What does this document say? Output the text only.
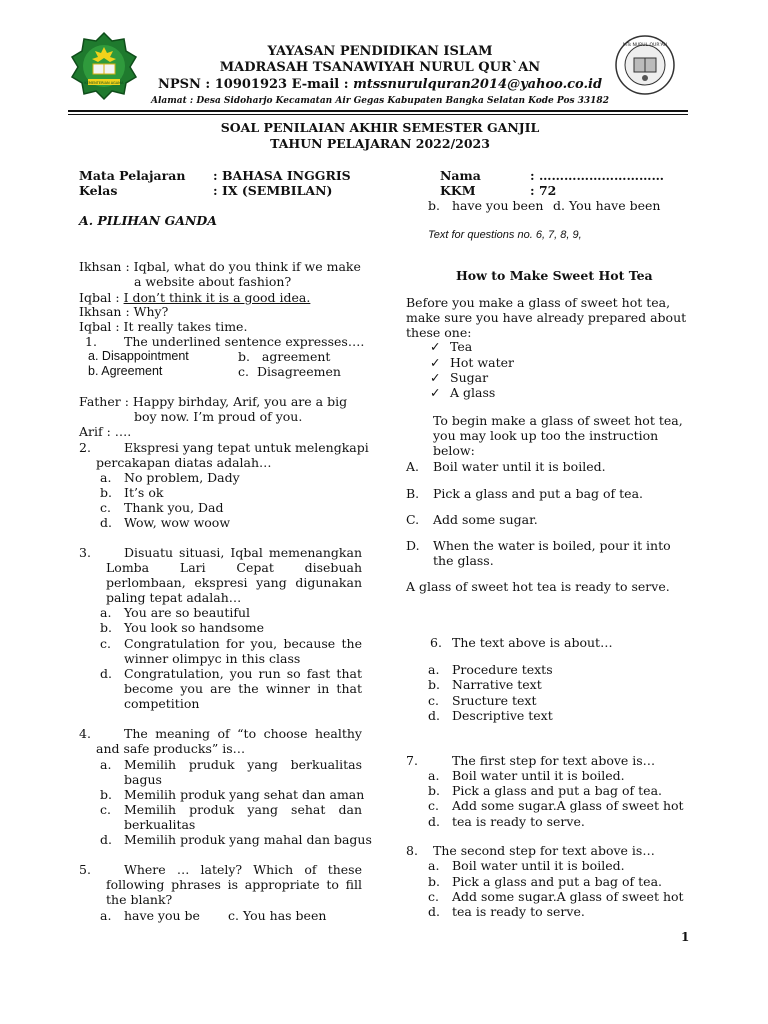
KEMENTERIAN AGAMA
MTs NURUL QUR'AN
YAYASAN PENDIDIKAN ISLAM
MADRASAH TSANAWIYAH NURUL QUR`AN
NPSN : 10901923 E-mail : mtssnurulquran2014@yahoo.co.id
Alamat : Desa Sidoharjo Kecamatan Air Gegas Kabupaten Bangka Selatan Kode Pos 33182
SOAL PENILAIAN AKHIR SEMESTER GANJIL
TAHUN PELAJARAN 2022/2023
Mata Pelajaran : BAHASA INGGRIS
Kelas	: IX (SEMBILAN)
Nama	: …………………………
KKM	: 72
A. PILIHAN GANDA
Ikhsan : Iqbal, what do you think if we make
a website about fashion?
Iqbal : I don’t think it is a good idea.
Ikhsan : Why?
Iqbal : It really takes time.
1. The underlined sentence expresses….
a. Disappointment	b. agreement
b. Agreement	c. Disagreemen
Father : Happy birhday, Arif, you are a big
boy now. I’m proud of you.
Arif : ….
2.	Ekspresi yang tepat untuk melengkapi
percakapan diatas adalah…
a. No problem, Dady
b. It’s ok
c. Thank you, Dad
d. Wow, wow woow
3.	Disuatu situasi, Iqbal memenangkan Lomba Lari Cepat disebuah perlombaan, ekspresi yang digunakan paling tepat adalah…
a. You are so beautiful
b. You look so handsome
c. Congratulation for you, because the winner olimpyc in this class
d. Congratulation, you run so fast that become you are the winner in that competition
4.	The meaning of “to choose healthy and safe producks” is…
a. Memilih pruduk yang berkualitas bagus
b. Memilih produk yang sehat dan aman
c. Memilih produk yang sehat dan berkualitas
d. Memilih produk yang mahal dan bagus
5.	Where … lately? Which of these following phrases is appropriate to fill the blank?
a. have you be c. You has been
b. have you been d. You have been
Text for questions no. 6, 7, 8, 9,
How to Make Sweet Hot Tea
Before you make a glass of sweet hot tea, make sure you have already prepared about these one:
✓ Tea
✓ Hot water
✓ Sugar
✓ A glass
To begin make a glass of sweet hot tea, you may look up too the instruction below:
A. Boil water until it is boiled.
B. Pick a glass and put a bag of tea.
C. Add some sugar.
D. When the water is boiled, pour it into the glass.
A glass of sweet hot tea is ready to serve.
6. The text above is about…
a. Procedure texts
b. Narrative text
c. Sructure text
d. Descriptive text
7.	The first step for text above is…
a. Boil water until it is boiled.
b. Pick a glass and put a bag of tea.
c. Add some sugar.A glass of sweet hot
d. tea is ready to serve.
8. The second step for text above is…
a. Boil water until it is boiled.
b. Pick a glass and put a bag of tea.
c. Add some sugar.A glass of sweet hot
d. tea is ready to serve.
1
